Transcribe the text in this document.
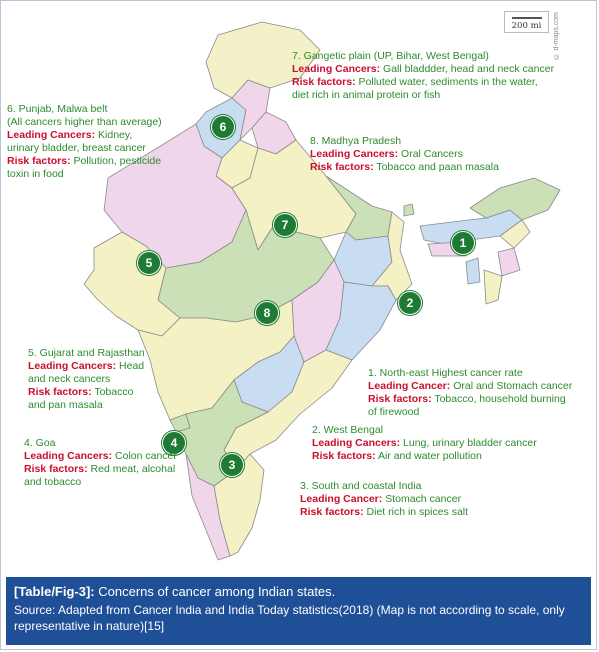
200 mi	© d-maps.com
1
2
3
4
5
6
7
8
7. Gangetic plain (UP, Bihar, West Bengal)
Leading Cancers: Gall bladdder, head and neck cancer
Risk factors: Polluted water, sediments in the water,
diet rich in animal protein or fish
6. Punjab, Malwa belt
(All cancers higher than average)
Leading Cancers: Kidney,
urinary bladder, breast cancer
Risk factors: Pollution, pesticide
toxin in food
8. Madhya Pradesh
Leading Cancers: Oral Cancers
Risk factors: Tobacco and paan masala
5. Gujarat and Rajasthan
Leading Cancers: Head
and neck cancers
Risk factors: Tobacco
and pan masala
1. North-east Highest cancer rate
Leading Cancer: Oral and Stomach cancer
Risk factors: Tobacco, household burning
of firewood
2. West Bengal
Leading Cancers: Lung, urinary bladder cancer
Risk factors: Air and water pollution
4. Goa
Leading Cancers: Colon cancer
Risk factors: Red meat, alcohal
and tobacco	3. South and coastal India
Leading Cancer: Stomach cancer
Risk factors: Diet rich in spices salt
[Table/Fig-3]: Concerns of cancer among Indian states.
Source: Adapted from Cancer India and India Today statistics(2018) (Map is not according to scale, only representative in nature)[15]
